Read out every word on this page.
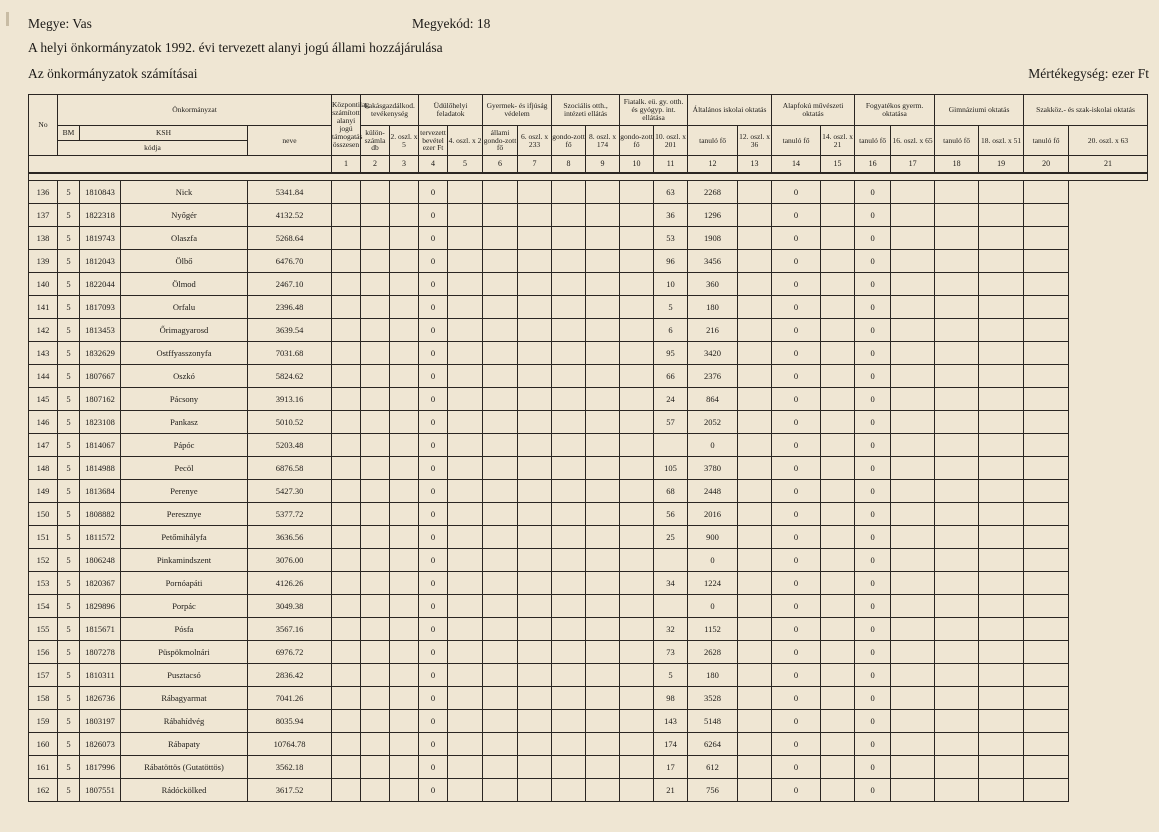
Megye: Vas	Megyekód: 18
A helyi önkormányzatok 1992. évi tervezett alanyi jogú állami hozzájárulása
Az önkormányzatok számításai	Mértékegység: ezer Ft
No	Önkormányzat				Központilag számított alanyi jogú támogatás összesen	Lakásgazdálkod. tevékenység		Üdülőhelyi feladatok		Gyermek- és ifjúság védelem		Szociális otth., intézeti ellátás		Fiatalk. eü. gy. otth. és gyógyp. int. ellátása		Általános iskolai oktatás		Alapfokú művészeti oktatás		Fogyatékos gyerm. oktatása		Gimnáziumi oktatás		Szakköz.- és szak-iskolai oktatás	
	BM	KSH		neve		külön-számla db	2. oszl. x 5	tervezett bevétel ezer Ft	4. oszl. x 2	állami gondo-zott fő	6. oszl. x 233	gondo-zott fő	8. oszl. x 174	gondo-zott fő	10. oszl. x 201	tanuló fő	12. oszl. x 36	tanuló fő	14. oszl. x 21	tanuló fő	16. oszl. x 65	tanuló fő	18. oszl. x 51	tanuló fő	20. oszl. x 63
	kódja																								
					1	2	3	4	5	6	7	8	9	10	11	12	13	14	15	16	17	18	19	20	21

136	5	1810843	Nick	5341.84				0							63	2268		0		0					
137	5	1822318	Nyőgér	4132.52				0							36	1296		0		0					
138	5	1819743	Olaszfa	5268.64				0							53	1908		0		0					
139	5	1812043	Ölbő	6476.70				0							96	3456		0		0					
140	5	1822044	Ölmod	2467.10				0							10	360		0		0					
141	5	1817093	Orfalu	2396.48				0							5	180		0		0					
142	5	1813453	Őrimagyarosd	3639.54				0							6	216		0		0					
143	5	1832629	Ostffyasszonyfa	7031.68				0							95	3420		0		0					
144	5	1807667	Oszkó	5824.62				0							66	2376		0		0					
145	5	1807162	Pácsony	3913.16				0							24	864		0		0					
146	5	1823108	Pankasz	5010.52				0							57	2052		0		0					
147	5	1814067	Pápóc	5203.48				0								0		0		0					
148	5	1814988	Pecöl	6876.58				0							105	3780		0		0					
149	5	1813684	Perenye	5427.30				0							68	2448		0		0					
150	5	1808882	Peresznye	5377.72				0							56	2016		0		0					
151	5	1811572	Petőmihályfa	3636.56				0							25	900		0		0					
152	5	1806248	Pinkamindszent	3076.00				0								0		0		0					
153	5	1820367	Pornóapáti	4126.26				0							34	1224		0		0					
154	5	1829896	Porpác	3049.38				0								0		0		0					
155	5	1815671	Pósfa	3567.16				0							32	1152		0		0					
156	5	1807278	Püspökmolnári	6976.72				0							73	2628		0		0					
157	5	1810311	Pusztacsó	2836.42				0							5	180		0		0					
158	5	1826736	Rábagyarmat	7041.26				0							98	3528		0		0					
159	5	1803197	Rábahídvég	8035.94				0							143	5148		0		0					
160	5	1826073	Rábapaty	10764.78				0							174	6264		0		0					
161	5	1817996	Rábatöttös (Gutatöttös)	3562.18				0							17	612		0		0					
162	5	1807551	Rádóckölked	3617.52				0							21	756		0		0					
